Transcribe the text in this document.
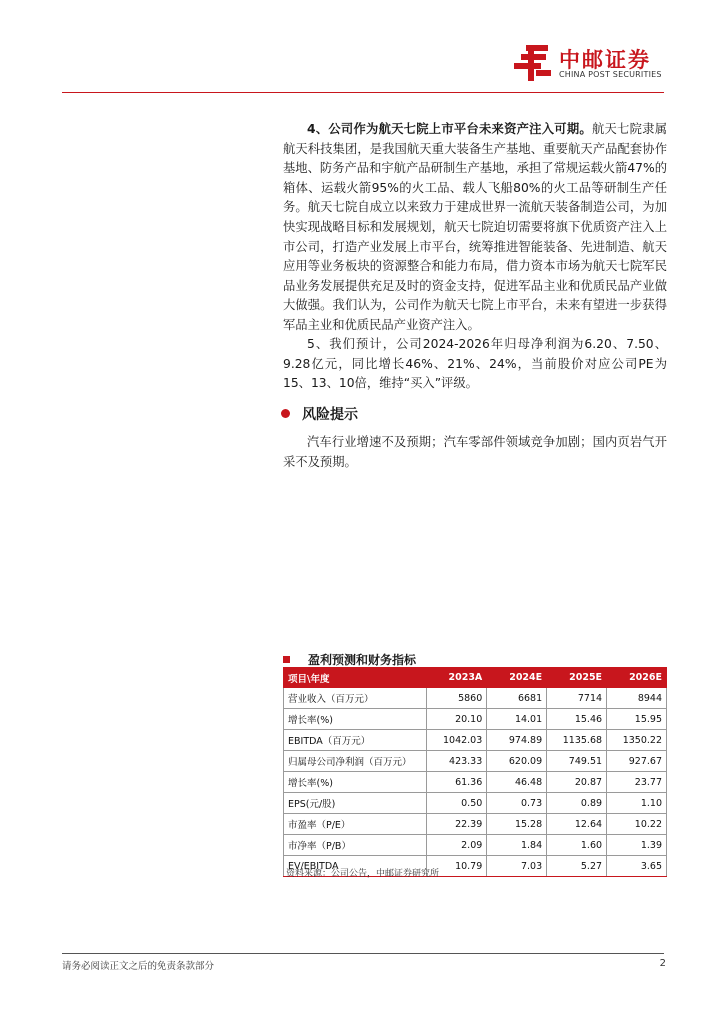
中邮证券
CHINA POST SECURITIES
4、公司作为航天七院上市平台未来资产注入可期。航天七院隶属航天科技集团，是我国航天重大装备生产基地、重要航天产品配套协作基地、防务产品和宇航产品研制生产基地，承担了常规运载火箭47%的箱体、运载火箭95%的火工品、载人飞船80%的火工品等研制生产任务。航天七院自成立以来致力于建成世界一流航天装备制造公司，为加快实现战略目标和发展规划，航天七院迫切需要将旗下优质资产注入上市公司，打造产业发展上市平台，统筹推进智能装备、先进制造、航天应用等业务板块的资源整合和能力布局，借力资本市场为航天七院军民品业务发展提供充足及时的资金支持，促进军品主业和优质民品产业做大做强。我们认为，公司作为航天七院上市平台，未来有望进一步获得军品主业和优质民品产业资产注入。
5、我们预计，公司2024-2026年归母净利润为6.20、7.50、9.28亿元，同比增长46%、21%、24%，当前股价对应公司PE为15、13、10倍，维持“买入”评级。
风险提示
汽车行业增速不及预期；汽车零部件领域竞争加剧；国内页岩气开采不及预期。
盈利预测和财务指标
项目\年度	2023A	2024E	2025E	2026E
营业收入（百万元）	5860	6681	7714	8944
增长率(%)	20.10	14.01	15.46	15.95
EBITDA（百万元）	1042.03	974.89	1135.68	1350.22
归属母公司净利润（百万元）	423.33	620.09	749.51	927.67
增长率(%)	61.36	46.48	20.87	23.77
EPS(元/股)	0.50	0.73	0.89	1.10
市盈率（P/E）	22.39	15.28	12.64	10.22
市净率（P/B）	2.09	1.84	1.60	1.39
EV/EBITDA	10.79	7.03	5.27	3.65
资料来源：公司公告，中邮证券研究所
请务必阅读正文之后的免责条款部分	2
